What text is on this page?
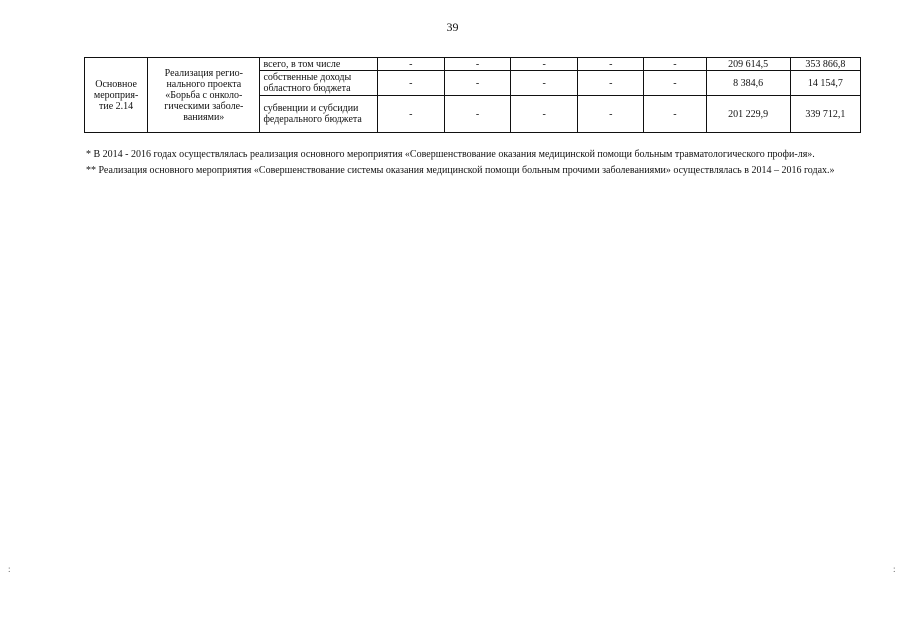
39
Основное мероприя-тие 2.14	Реализация регио-нального проекта «Борьба с онколо-гическими заболе-ваниями»	всего, в том числе	-	-	-	-	-	209 614,5	353 866,8
		собственные доходы областного бюджета	-	-	-	-	-	8 384,6	14 154,7
		субвенции и субсидии федерального бюджета	-	-	-	-	-	201 229,9	339 712,1

* В 2014 - 2016 годах осуществлялась реализация основного мероприятия «Совершенствование оказания медицинской помощи больным травматологического профи-ля».

** Реализация основного мероприятия «Совершенствование системы оказания медицинской помощи больным прочими заболеваниями» осуществлялась в 2014 – 2016 годах.»

:	:
